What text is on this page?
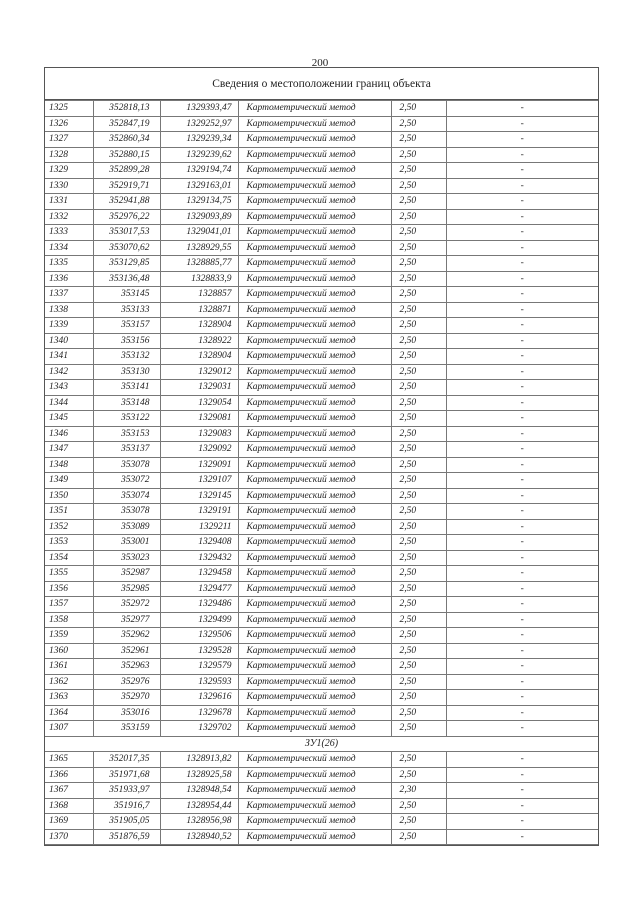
200
Сведения о местоположении границ объекта
1325	352818,13	1329393,47	Картометрический метод	2,50	-
1326	352847,19	1329252,97	Картометрический метод	2,50	-
1327	352860,34	1329239,34	Картометрический метод	2,50	-
1328	352880,15	1329239,62	Картометрический метод	2,50	-
1329	352899,28	1329194,74	Картометрический метод	2,50	-
1330	352919,71	1329163,01	Картометрический метод	2,50	-
1331	352941,88	1329134,75	Картометрический метод	2,50	-
1332	352976,22	1329093,89	Картометрический метод	2,50	-
1333	353017,53	1329041,01	Картометрический метод	2,50	-
1334	353070,62	1328929,55	Картометрический метод	2,50	-
1335	353129,85	1328885,77	Картометрический метод	2,50	-
1336	353136,48	1328833,9	Картометрический метод	2,50	-
1337	353145	1328857	Картометрический метод	2,50	-
1338	353133	1328871	Картометрический метод	2,50	-
1339	353157	1328904	Картометрический метод	2,50	-
1340	353156	1328922	Картометрический метод	2,50	-
1341	353132	1328904	Картометрический метод	2,50	-
1342	353130	1329012	Картометрический метод	2,50	-
1343	353141	1329031	Картометрический метод	2,50	-
1344	353148	1329054	Картометрический метод	2,50	-
1345	353122	1329081	Картометрический метод	2,50	-
1346	353153	1329083	Картометрический метод	2,50	-
1347	353137	1329092	Картометрический метод	2,50	-
1348	353078	1329091	Картометрический метод	2,50	-
1349	353072	1329107	Картометрический метод	2,50	-
1350	353074	1329145	Картометрический метод	2,50	-
1351	353078	1329191	Картометрический метод	2,50	-
1352	353089	1329211	Картометрический метод	2,50	-
1353	353001	1329408	Картометрический метод	2,50	-
1354	353023	1329432	Картометрический метод	2,50	-
1355	352987	1329458	Картометрический метод	2,50	-
1356	352985	1329477	Картометрический метод	2,50	-
1357	352972	1329486	Картометрический метод	2,50	-
1358	352977	1329499	Картометрический метод	2,50	-
1359	352962	1329506	Картометрический метод	2,50	-
1360	352961	1329528	Картометрический метод	2,50	-
1361	352963	1329579	Картометрический метод	2,50	-
1362	352976	1329593	Картометрический метод	2,50	-
1363	352970	1329616	Картометрический метод	2,50	-
1364	353016	1329678	Картометрический метод	2,50	-
1307	353159	1329702	Картометрический метод	2,50	-
ЗУ1(26)					
1365	352017,35	1328913,82	Картометрический метод	2,50	-
1366	351971,68	1328925,58	Картометрический метод	2,50	-
1367	351933,97	1328948,54	Картометрический метод	2,30	-
1368	351916,7	1328954,44	Картометрический метод	2,50	-
1369	351905,05	1328956,98	Картометрический метод	2,50	-
1370	351876,59	1328940,52	Картометрический метод	2,50	-
